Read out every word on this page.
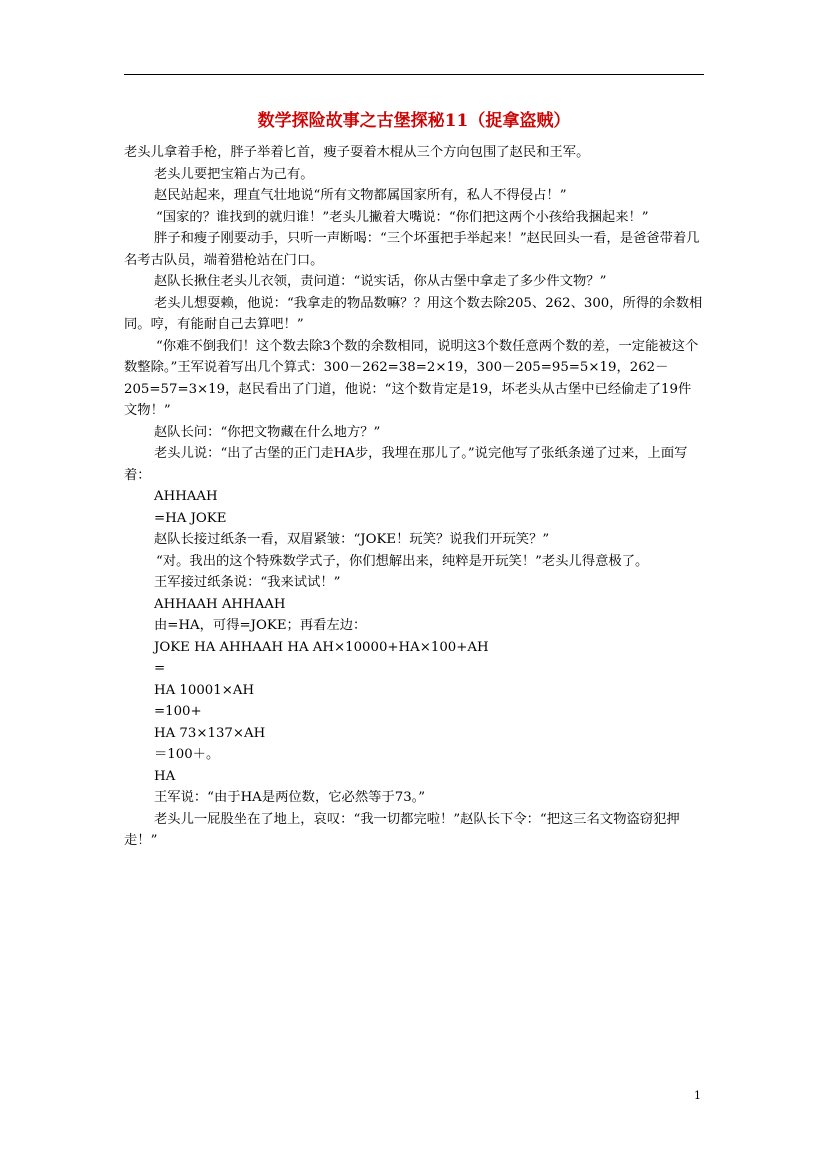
数学探险故事之古堡探秘11（捉拿盗贼）

老头儿拿着手枪，胖子举着匕首，瘦子耍着木棍从三个方向包围了赵民和王军。

老头儿要把宝箱占为己有。

赵民站起来，理直气壮地说“所有文物都属国家所有，私人不得侵占！”

“国家的？谁找到的就归谁！”老头儿撇着大嘴说：“你们把这两个小孩给我捆起来！”

胖子和瘦子刚要动手，只听一声断喝：“三个坏蛋把手举起来！”赵民回头一看，是爸爸带着几名考古队员，端着猎枪站在门口。

赵队长揪住老头儿衣领，责问道：“说实话，你从古堡中拿走了多少件文物？”

老头儿想耍赖，他说：“我拿走的物品数嘛？？用这个数去除205、262、300，所得的余数相同。哼，有能耐自己去算吧！”

“你难不倒我们！这个数去除3个数的余数相同，说明这3个数任意两个数的差，一定能被这个数整除。”王军说着写出几个算式：300－262=38=2×19，300－205=95=5×19，262－205=57=3×19，赵民看出了门道，他说：“这个数肯定是19，坏老头从古堡中已经偷走了19件文物！”

赵队长问：“你把文物藏在什么地方？”

老头儿说：“出了古堡的正门走HA步，我埋在那儿了。”说完他写了张纸条递了过来，上面写着：

AHHAAH

=HA JOKE

赵队长接过纸条一看，双眉紧皱：“JOKE！玩笑？说我们开玩笑？”

“对。我出的这个特殊数学式子，你们想解出来，纯粹是开玩笑！”老头儿得意极了。

王军接过纸条说：“我来试试！”

AHHAAH AHHAAH

由=HA，可得=JOKE；再看左边：

JOKE HA AHHAAH HA AH×10000+HA×100+AH

=

HA 10001×AH

=100+

HA 73×137×AH

＝100＋。

HA

王军说：“由于HA是两位数，它必然等于73。”

老头儿一屁股坐在了地上，哀叹：“我一切都完啦！”赵队长下令：“把这三名文物盗窃犯押走！”

1
